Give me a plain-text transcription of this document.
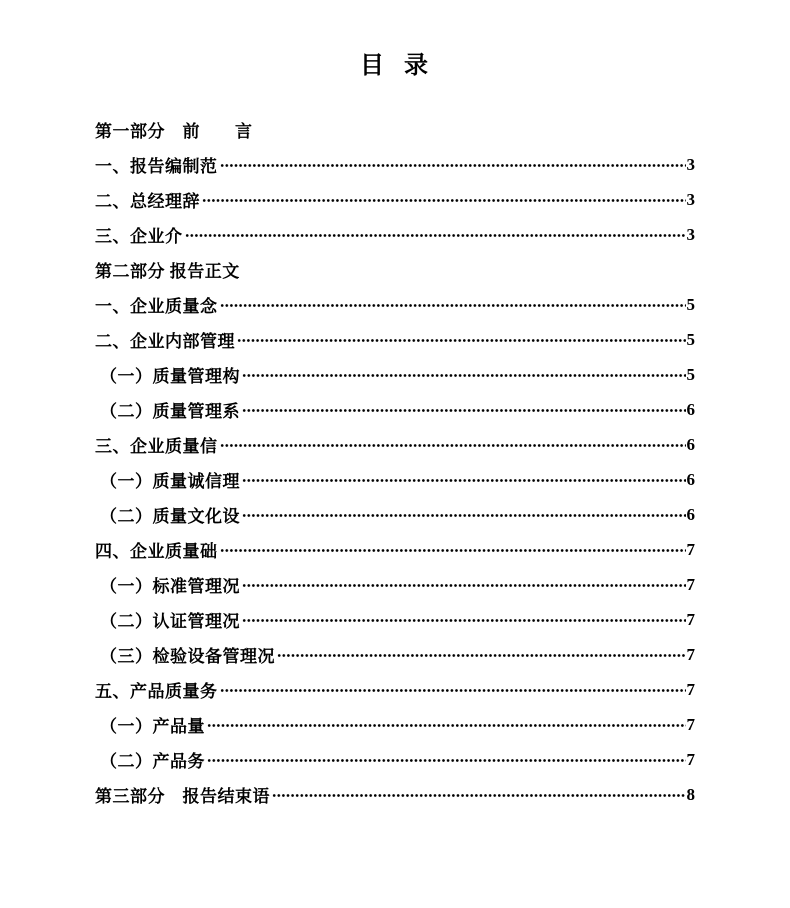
目 录
第一部分　前　　言
一、报告编制范	3
二、总经理辞	3
三、企业介	3
第二部分 报告正文
一、企业质量念	5
二、企业内部管理	5
（一）质量管理构	5
（二）质量管理系	6
三、企业质量信	6
（一）质量诚信理	6
（二）质量文化设	6
四、企业质量础	7
（一）标准管理况	7
（二）认证管理况	7
（三）检验设备管理况	7
五、产品质量务	7
（一）产品量	7
（二）产品务	7
第三部分　报告结束语	8
